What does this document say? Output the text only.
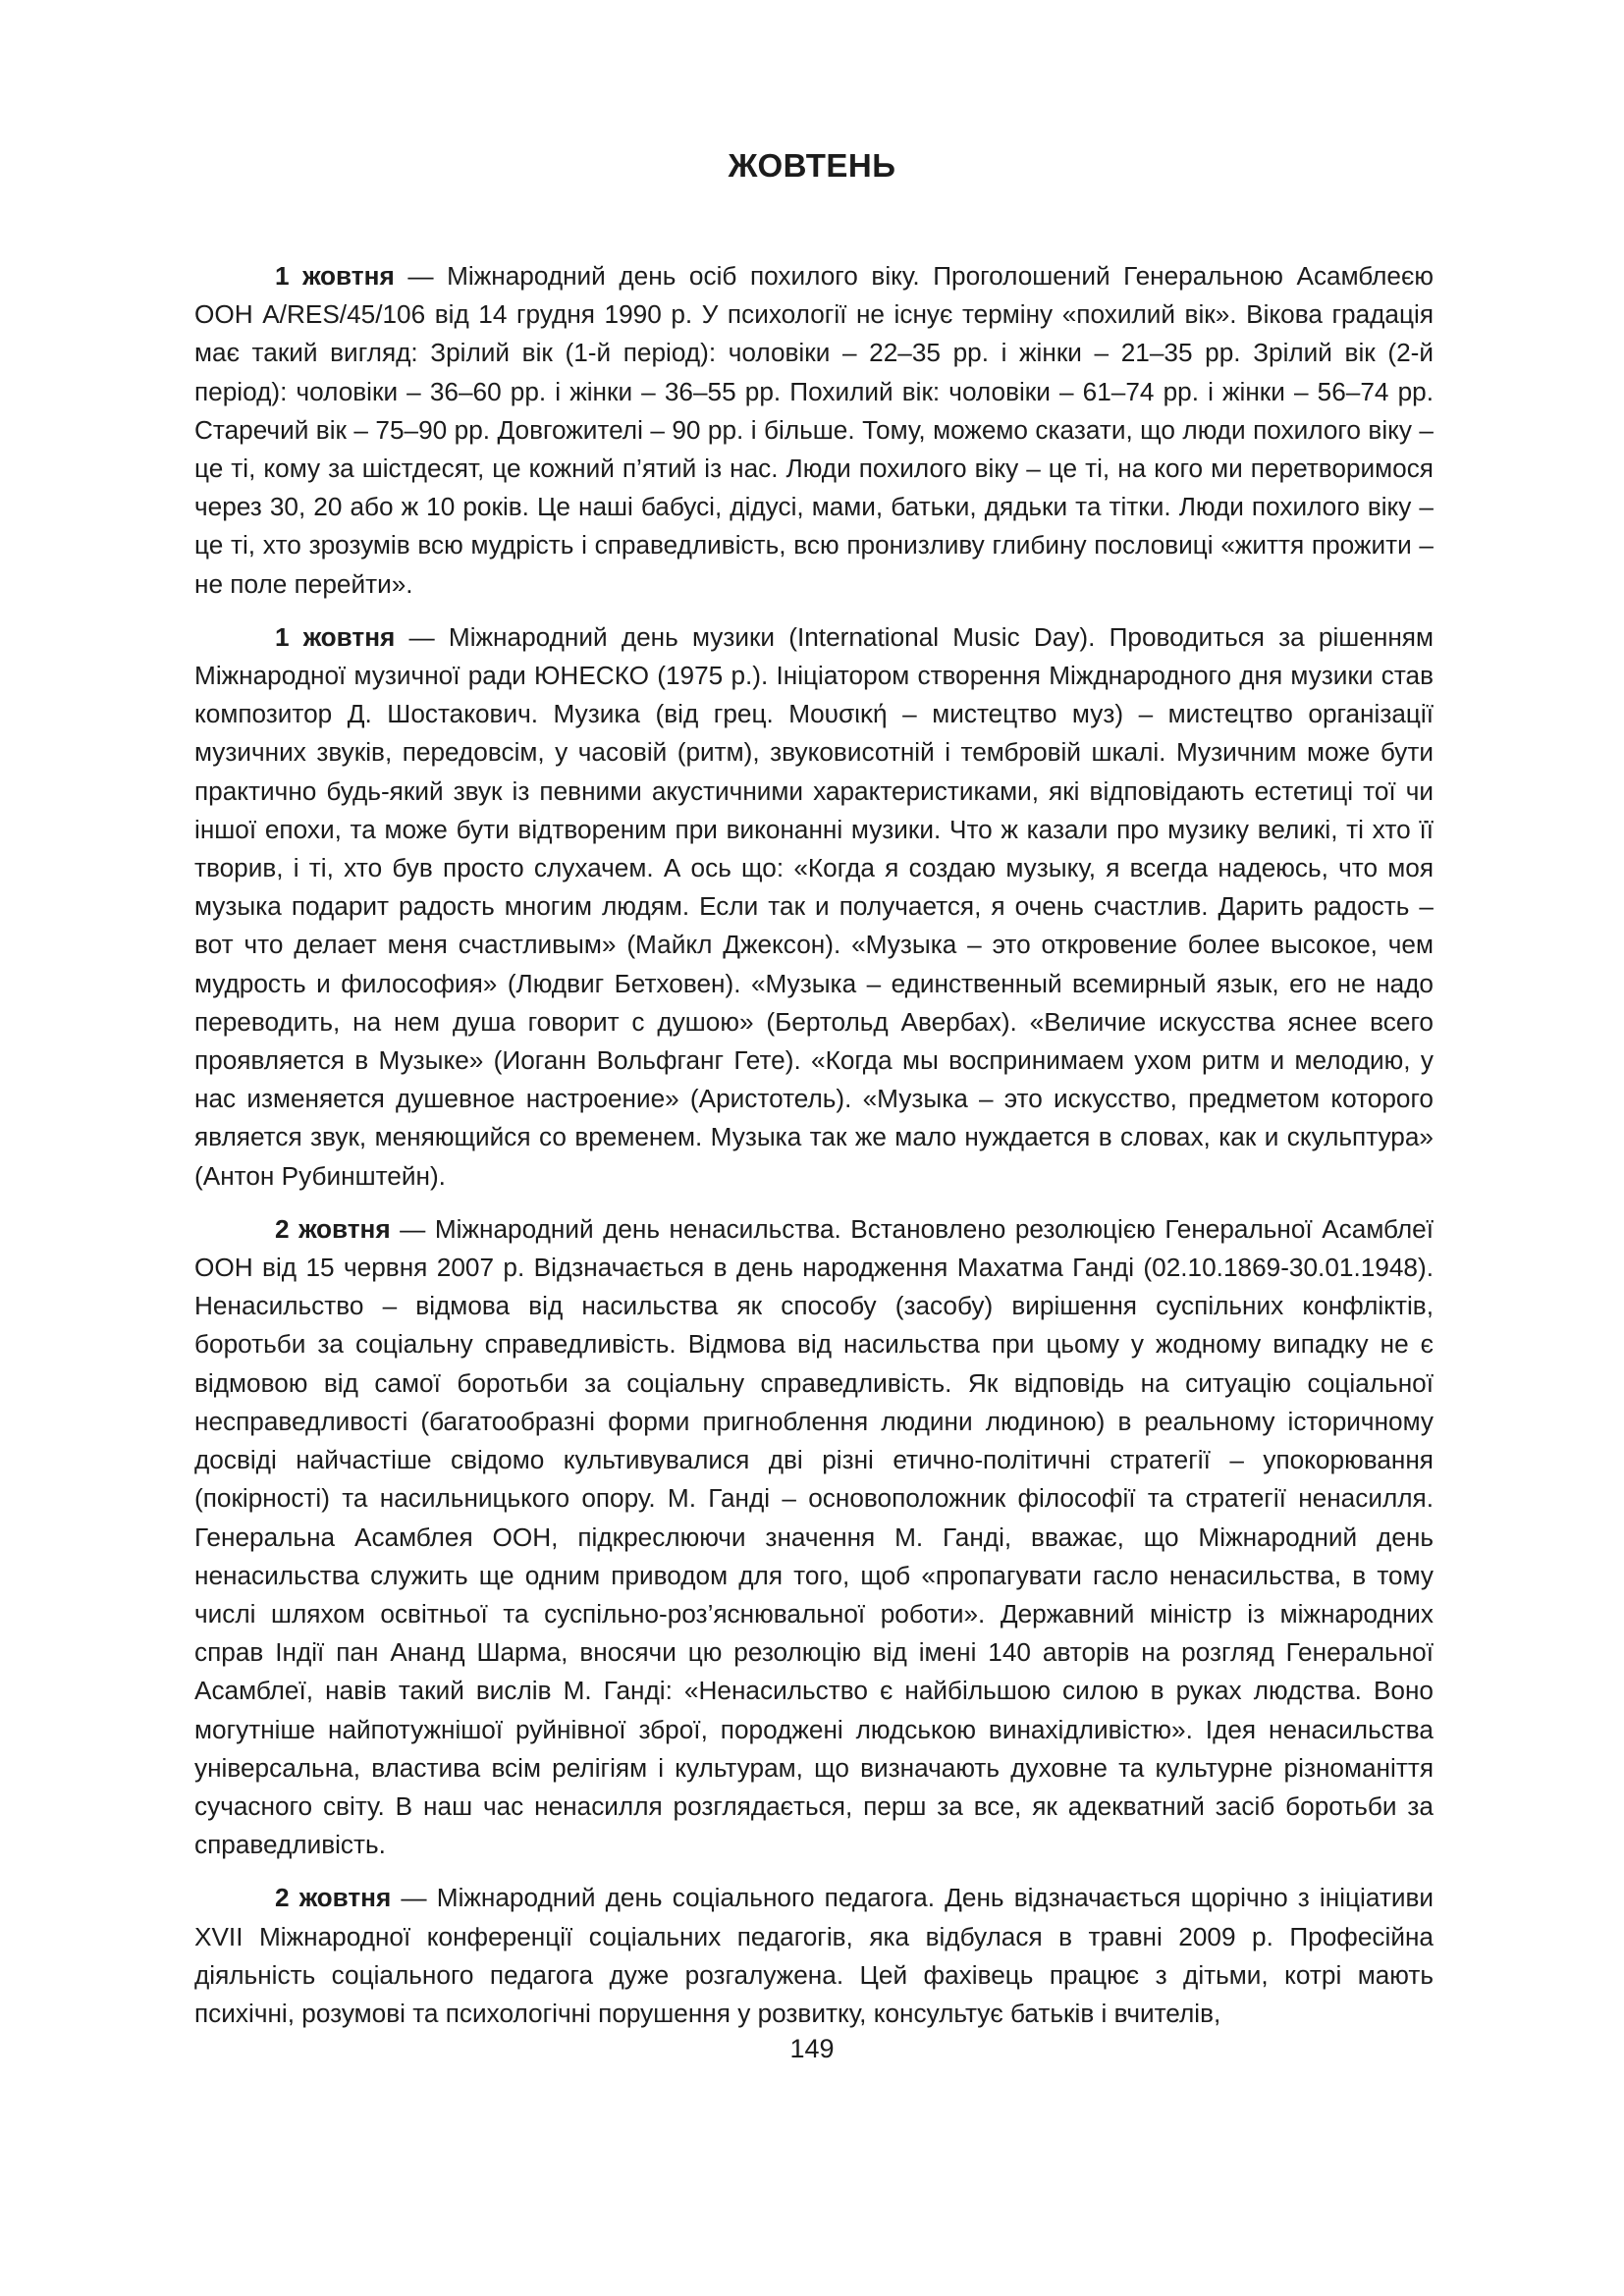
ЖОВТЕНЬ

1 жовтня — Міжнародний день осіб похилого віку. Проголошений Генеральною Асамблеєю ООН A/RES/45/106 від 14 грудня 1990 р. У психології не існує терміну «похилий вік». Вікова градація має такий вигляд: Зрілий вік (1-й період): чоловіки – 22–35 рр. і жінки – 21–35 рр. Зрілий вік (2-й період): чоловіки – 36–60 рр. і жінки – 36–55 рр. Похилий вік: чоловіки – 61–74 рр. і жінки – 56–74 рр. Старечий вік – 75–90 рр. Довгожителі – 90 рр. і більше. Тому, можемо сказати, що люди похилого віку – це ті, кому за шістдесят, це кожний п’ятий із нас. Люди похилого віку – це ті, на кого ми перетворимося через 30, 20 або ж 10 років. Це наші бабусі, дідусі, мами, батьки, дядьки та тітки. Люди похилого віку – це ті, хто зрозумів всю мудрість і справедливість, всю пронизливу глибину пословиці «життя прожити – не поле перейти».

1 жовтня — Міжнародний день музики (International Music Day). Проводиться за рішенням Міжнародної музичної ради ЮНЕСКО (1975 р.). Ініціатором створення Міжднародного дня музики став композитор Д. Шостакович. Музика (від грец. Μουσική – мистецтво муз) – мистецтво організації музичних звуків, передовсім, у часовій (ритм), звуковисотній і тембровій шкалі. Музичним може бути практично будь-який звук із певними акустичними характеристиками, які відповідають естетиці тої чи іншої епохи, та може бути відтвореним при виконанні музики. Что ж казали про музику великі, ті хто її творив, і ті, хто був просто слухачем. А ось що: «Когда я создаю музыку, я всегда надеюсь, что моя музыка подарит радость многим людям. Если так и получается, я очень счастлив. Дарить радость – вот что делает меня счастливым» (Майкл Джексон). «Музыка – это откровение более высокое, чем мудрость и философия» (Людвиг Бетховен). «Музыка – единственный всемирный язык, его не надо переводить, на нем душа говорит с душою» (Бертольд Авербах). «Величие искусства яснее всего проявляется в Музыке» (Иоганн Вольфганг Гете). «Когда мы воспринимаем ухом ритм и мелодию, у нас изменяется душевное настроение» (Аристотель). «Музыка – это искусство, предметом которого является звук, меняющийся со временем. Музыка так же мало нуждается в словах, как и скульптура» (Антон Рубинштейн).

2 жовтня — Міжнародний день ненасильства. Встановлено резолюцією Генеральної Асамблеї ООН від 15 червня 2007 р. Відзначається в день народження Махатма Ганді (02.10.1869-30.01.1948). Ненасильство – відмова від насильства як способу (засобу) вирішення суспільних конфліктів, боротьби за соціальну справедливість. Відмова від насильства при цьому у жодному випадку не є відмовою від самої боротьби за соціальну справедливість. Як відповідь на ситуацію соціальної несправедливості (багатообразні форми пригноблення людини людиною) в реальному історичному досвіді найчастіше свідомо культивувалися дві різні етично-політичні стратегії – упокорювання (покірності) та насильницького опору. М. Ганді – основоположник філософії та стратегії ненасилля. Генеральна Асамблея ООН, підкреслюючи значення М. Ганді, вважає, що Міжнародний день ненасильства служить ще одним приводом для того, щоб «пропагувати гасло ненасильства, в тому числі шляхом освітньої та суспільно-роз’яснювальної роботи». Державний міністр із міжнародних справ Індії пан Ананд Шарма, вносячи цю резолюцію від імені 140 авторів на розгляд Генеральної Асамблеї, навів такий вислів М. Ганді: «Ненасильство є найбільшою силою в руках людства. Воно могутніше найпотужнішої руйнівної зброї, породжені людською винахідливістю». Ідея ненасильства універсальна, властива всім релігіям і культурам, що визначають духовне та культурне різноманіття сучасного світу. В наш час ненасилля розглядається, перш за все, як адекватний засіб боротьби за справедливість.

2 жовтня — Міжнародний день соціального педагога. День відзначається щорічно з ініціативи XVII Міжнародної конференції соціальних педагогів, яка відбулася в травні 2009 р. Професійна діяльність соціального педагога дуже розгалужена. Цей фахівець працює з дітьми, котрі мають психічні, розумові та психологічні порушення у розвитку, консультує батьків і вчителів,

149
